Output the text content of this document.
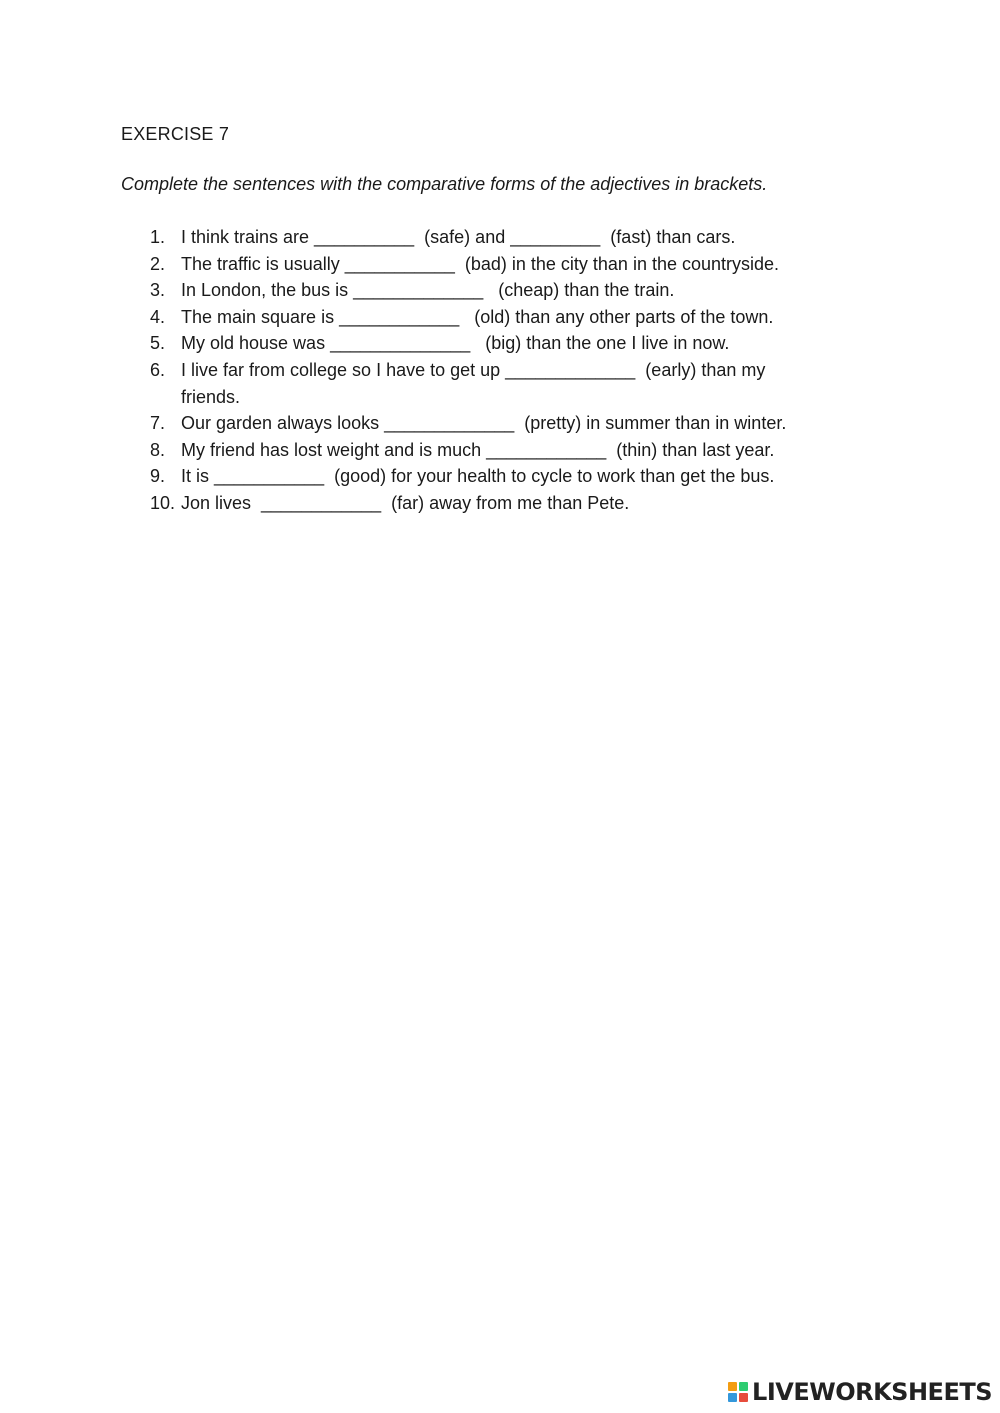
EXERCISE 7
Complete the sentences with the comparative forms of the adjectives in brackets.
1. I think trains are __________  (safe) and _________  (fast) than cars.
2. The traffic is usually ___________  (bad) in the city than in the countryside.
3. In London, the bus is _____________   (cheap) than the train.
4. The main square is ____________   (old) than any other parts of the town.
5. My old house was ______________   (big) than the one I live in now.
6. I live far from college so I have to get up _____________  (early) than my
friends.
7. Our garden always looks _____________  (pretty) in summer than in winter.
8. My friend has lost weight and is much ____________  (thin) than last year.
9. It is ___________  (good) for your health to cycle to work than get the bus.
10. Jon lives  ____________  (far) away from me than Pete.
LIVEWORKSHEETS
